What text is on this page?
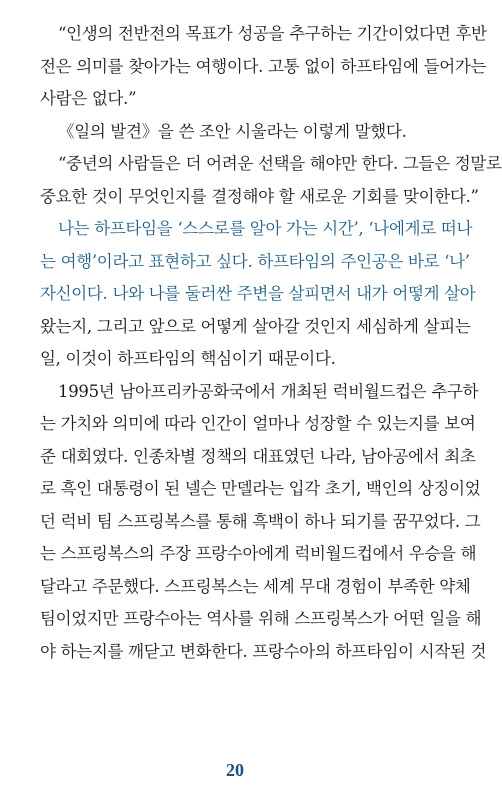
“인생의 전반전의 목표가 성공을 추구하는 기간이었다면 후반
전은 의미를 찾아가는 여행이다. 고통 없이 하프타임에 들어가는
사람은 없다.”
《일의 발견》을 쓴 조안 시울라는 이렇게 말했다.
“중년의 사람들은 더 어려운 선택을 해야만 한다. 그들은 정말로
중요한 것이 무엇인지를 결정해야 할 새로운 기회를 맞이한다.”
나는 하프타임을 ‘스스로를 알아 가는 시간’, ‘나에게로 떠나
는 여행’이라고 표현하고 싶다. 하프타임의 주인공은 바로 ‘나’
자신이다. 나와 나를 둘러싼 주변을 살피면서 내가 어떻게 살아
왔는지, 그리고 앞으로 어떻게 살아갈 것인지 세심하게 살피는
일, 이것이 하프타임의 핵심이기 때문이다.
1995년 남아프리카공화국에서 개최된 럭비월드컵은 추구하
는 가치와 의미에 따라 인간이 얼마나 성장할 수 있는지를 보여
준 대회였다. 인종차별 정책의 대표였던 나라, 남아공에서 최초
로 흑인 대통령이 된 넬슨 만델라는 입각 초기, 백인의 상징이었
던 럭비 팀 스프링복스를 통해 흑백이 하나 되기를 꿈꾸었다. 그
는 스프링복스의 주장 프랑수아에게 럭비월드컵에서 우승을 해
달라고 주문했다. 스프링복스는 세계 무대 경험이 부족한 약체
팀이었지만 프랑수아는 역사를 위해 스프링복스가 어떤 일을 해
야 하는지를 깨닫고 변화한다. 프랑수아의 하프타임이 시작된 것
20
